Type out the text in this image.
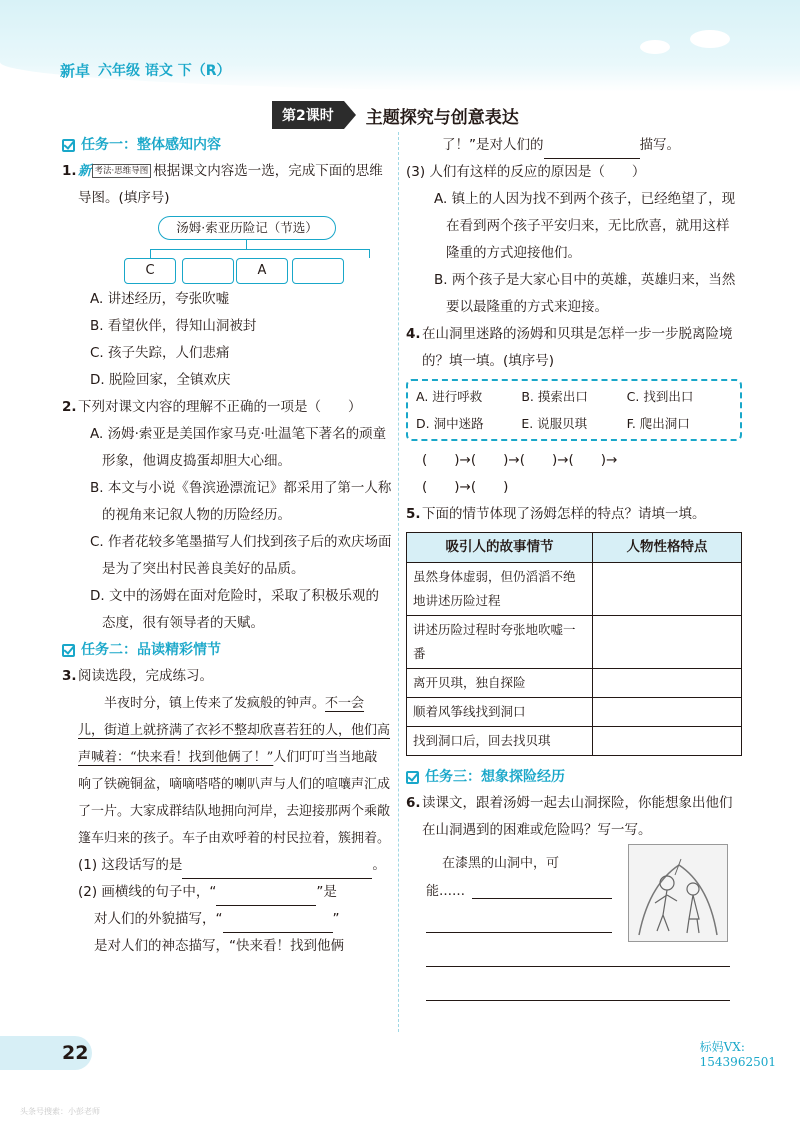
新卓 六年级 语文 下（R）
第2课时	主题探究与创意表达
任务一：整体感知内容
1. 新 考法·思维导图 根据课文内容选一选，完成下面的思维导图。(填序号)
汤姆·索亚历险记（节选）
C	A
A. 讲述经历，夸张吹嘘
B. 看望伙伴，得知山洞被封
C. 孩子失踪，人们悲痛
D. 脱险回家，全镇欢庆
2. 下列对课文内容的理解不正确的一项是（　　）
A. 汤姆·索亚是美国作家马克·吐温笔下著名的顽童形象，他调皮捣蛋却胆大心细。
B. 本文与小说《鲁滨逊漂流记》都采用了第一人称的视角来记叙人物的历险经历。
C. 作者花较多笔墨描写人们找到孩子后的欢庆场面是为了突出村民善良美好的品质。
D. 文中的汤姆在面对危险时，采取了积极乐观的态度，很有领导者的天赋。
任务二：品读精彩情节
3. 阅读选段，完成练习。
半夜时分，镇上传来了发疯般的钟声。不一会儿，街道上就挤满了衣衫不整却欣喜若狂的人，他们高声喊着：“快来看！找到他俩了！”人们叮叮当当地敲响了铁碗铜盆，嘀嘀嗒嗒的喇叭声与人们的喧嚷声汇成了一片。大家成群结队地拥向河岸，去迎接那两个乘敞篷车归来的孩子。车子由欢呼着的村民拉着，簇拥着。
(1) 这段话写的是	。
(2) 画横线的句子中，“	”是
对人们的外貌描写，“	”
是对人们的神态描写，“快来看！找到他俩
了！”是对人们的	描写。
(3) 人们有这样的反应的原因是（　　）
A. 镇上的人因为找不到两个孩子，已经绝望了，现在看到两个孩子平安归来，无比欣喜，就用这样隆重的方式迎接他们。
B. 两个孩子是大家心目中的英雄，英雄归来，当然要以最隆重的方式来迎接。
4. 在山洞里迷路的汤姆和贝琪是怎样一步一步脱离险境的？填一填。(填序号)
A. 进行呼救	B. 摸索出口	C. 找到出口
D. 洞中迷路	E. 说服贝琪	F. 爬出洞口
(　　)→(　　)→(　　)→(　　)→
(　　)→(　　)
5. 下面的情节体现了汤姆怎样的特点？请填一填。
吸引人的故事情节	人物性格特点
虽然身体虚弱，但仍滔滔不绝地讲述历险过程	
讲述历险过程时夸张地吹嘘一番	
离开贝琪，独自探险	
顺着风筝线找到洞口	
找到洞口后，回去找贝琪	
任务三：想象探险经历
6. 读课文，跟着汤姆一起去山洞探险，你能想象出他们在山洞遇到的困难或危险吗？写一写。
在漆黑的山洞中，可
能……
22	标妈VX:
1543962501
头条号搜索：小彭老师
